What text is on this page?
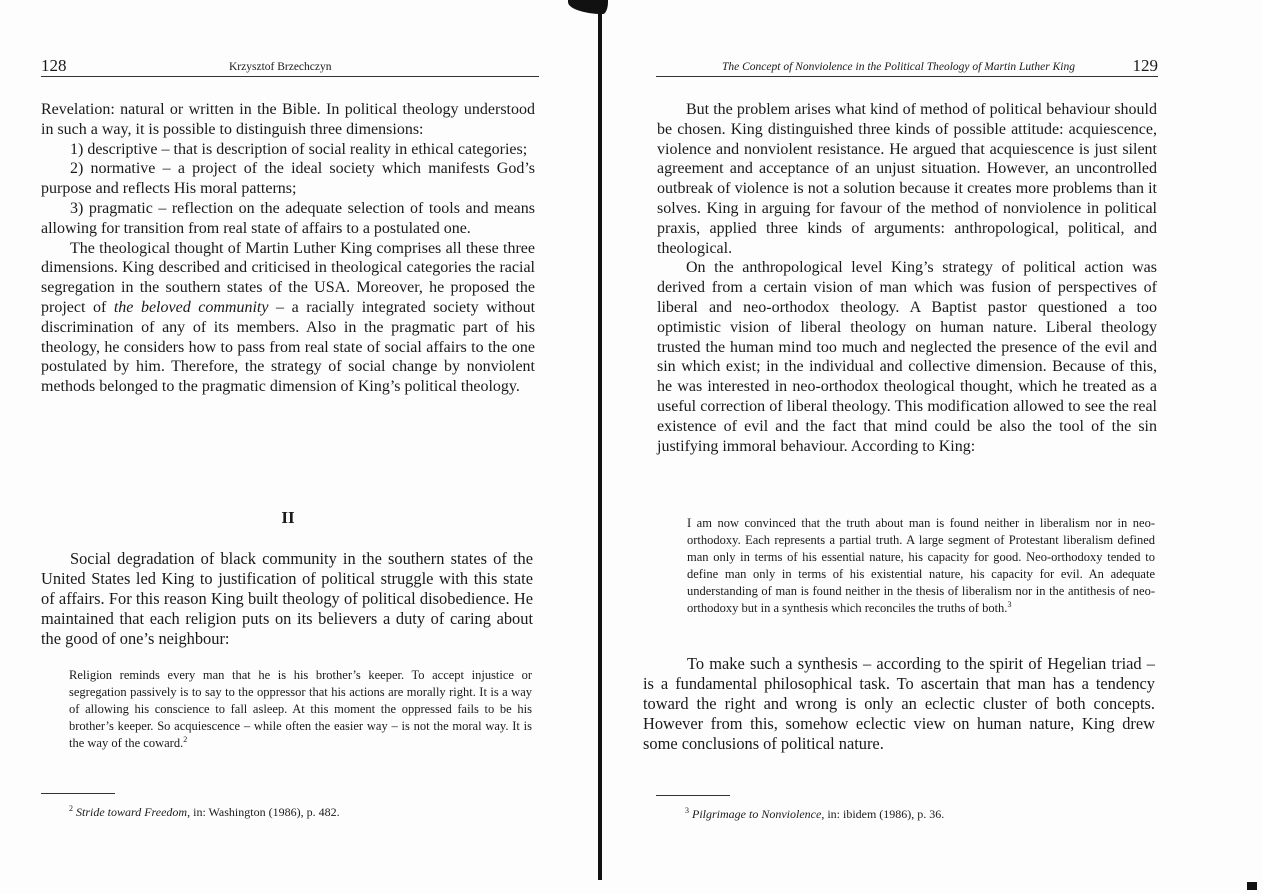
128	Krzysztof Brzechczyn

Revelation: natural or written in the Bible. In political theology understood in such a way, it is possible to distinguish three dimensions:

1) descriptive – that is description of social reality in ethical categories;

2) normative – a project of the ideal society which manifests God’s purpose and reflects His moral patterns;

3) pragmatic – reflection on the adequate selection of tools and means allowing for transition from real state of affairs to a postulated one.

The theological thought of Martin Luther King comprises all these three dimensions. King described and criticised in theological categories the racial segregation in the southern states of the USA. Moreover, he proposed the project of the beloved community – a racially integrated society without discrimination of any of its members. Also in the pragmatic part of his theology, he considers how to pass from real state of social affairs to the one postulated by him. Therefore, the strategy of social change by nonviolent methods belonged to the pragmatic dimension of King’s political theology.

II

Social degradation of black community in the southern states of the United States led King to justification of political struggle with this state of affairs. For this reason King built theology of political disobedience. He maintained that each religion puts on its believers a duty of caring about the good of one’s neighbour:

Religion reminds every man that he is his brother’s keeper. To accept injustice or segregation passively is to say to the oppressor that his actions are morally right. It is a way of allowing his conscience to fall asleep. At this moment the oppressed fails to be his brother’s keeper. So acquiescence – while often the easier way – is not the moral way. It is the way of the coward.$^2$

$^2$ Stride toward Freedom, in: Washington (1986), p. 482.
The Concept of Nonviolence in the Political Theology of Martin Luther King	129

But the problem arises what kind of method of political behaviour should be chosen. King distinguished three kinds of possible attitude: acquiescence, violence and nonviolent resistance. He argued that acquiescence is just silent agreement and acceptance of an unjust situation. However, an uncontrolled outbreak of violence is not a solution because it creates more problems than it solves. King in arguing for favour of the method of nonviolence in political praxis, applied three kinds of arguments: anthropological, political, and theological.

On the anthropological level King’s strategy of political action was derived from a certain vision of man which was fusion of perspectives of liberal and neo-orthodox theology. A Baptist pastor questioned a too optimistic vision of liberal theology on human nature. Liberal theology trusted the human mind too much and neglected the presence of the evil and sin which exist; in the individual and collective dimension. Because of this, he was interested in neo-orthodox theological thought, which he treated as a useful correction of liberal theology. This modification allowed to see the real existence of evil and the fact that mind could be also the tool of the sin justifying immoral behaviour. According to King:

I am now convinced that the truth about man is found neither in liberalism nor in neo-orthodoxy. Each represents a partial truth. A large segment of Protestant liberalism defined man only in terms of his essential nature, his capacity for good. Neo-orthodoxy tended to define man only in terms of his existential nature, his capacity for evil. An adequate understanding of man is found neither in the thesis of liberalism nor in the antithesis of neo-orthodoxy but in a synthesis which reconciles the truths of both.$^3$

To make such a synthesis – according to the spirit of Hegelian triad – is a fundamental philosophical task. To ascertain that man has a tendency toward the right and wrong is only an eclectic cluster of both concepts. However from this, somehow eclectic view on human nature, King drew some conclusions of political nature.

$^3$ Pilgrimage to Nonviolence, in: ibidem (1986), p. 36.
